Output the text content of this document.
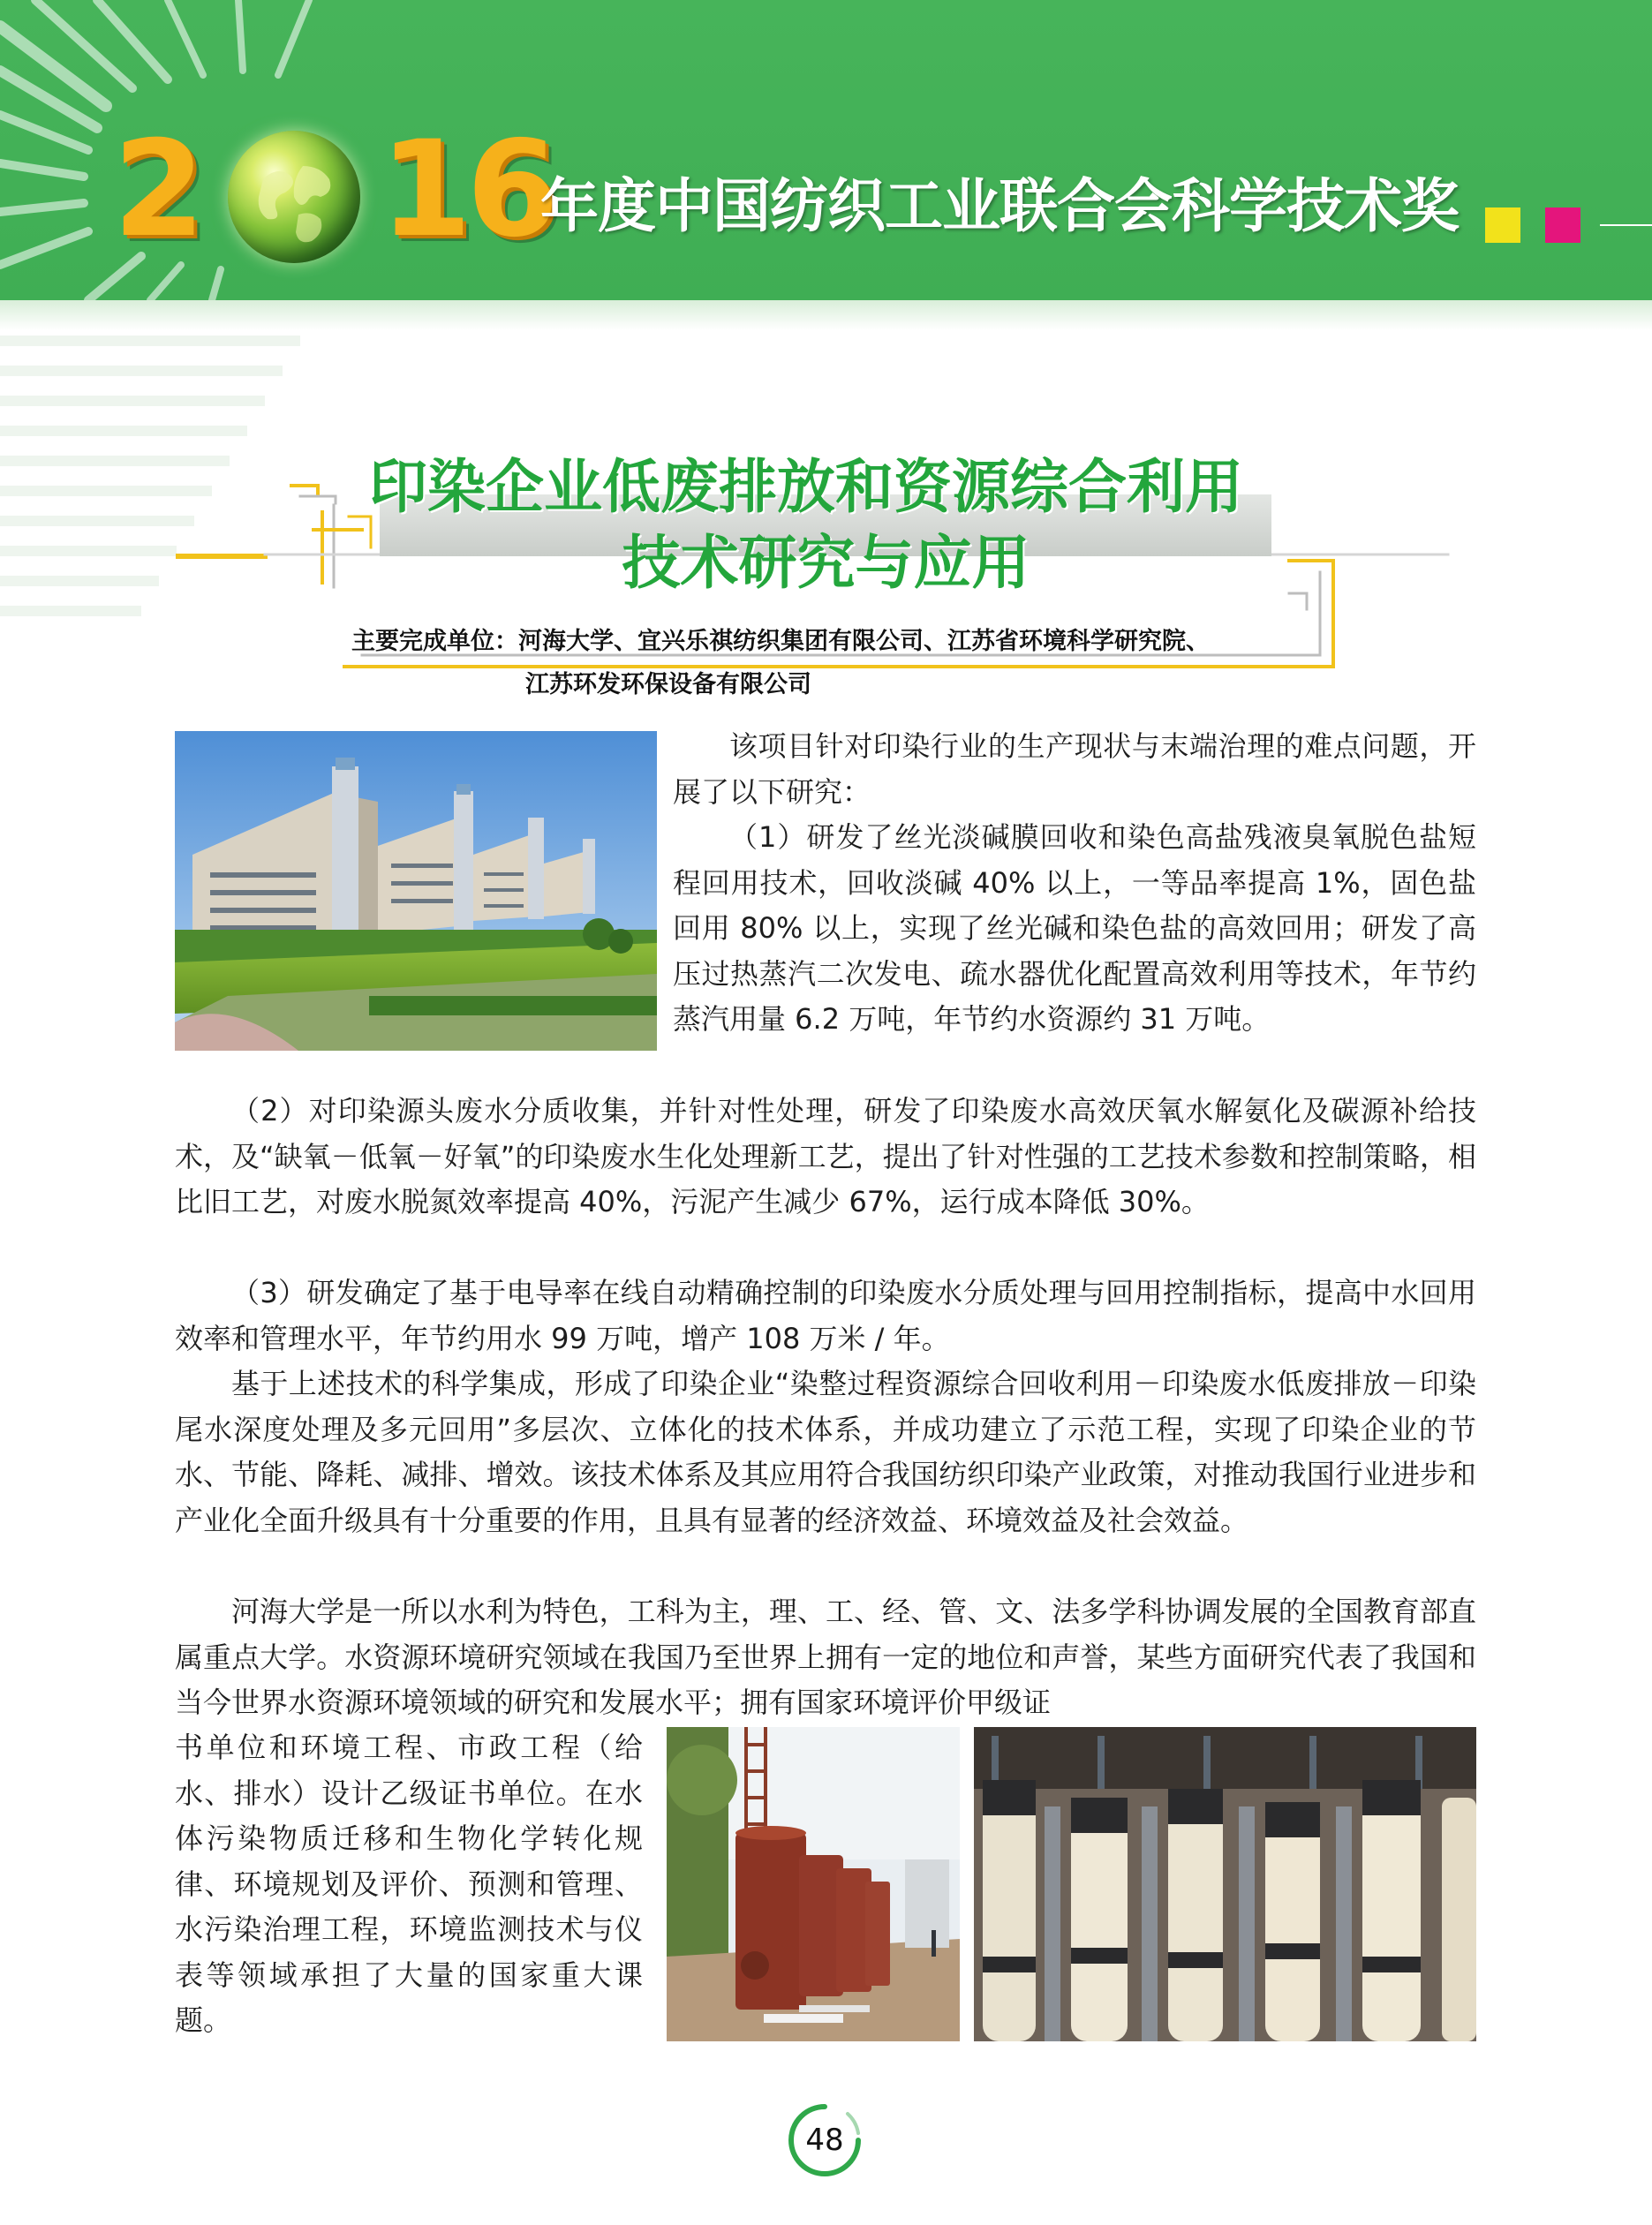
2 16
年度中国纺织工业联合会科学技术奖
印染企业低废排放和资源综合利用
技术研究与应用
主要完成单位：河海大学、宜兴乐祺纺织集团有限公司、江苏省环境科学研究院、
江苏环发环保设备有限公司

该项目针对印染行业的生产现状与末端治理的难点问题，开展了以下研究：

（1）研发了丝光淡碱膜回收和染色高盐残液臭氧脱色盐短程回用技术，回收淡碱 40% 以上，一等品率提高 1%，固色盐回用 80% 以上，实现了丝光碱和染色盐的高效回用；研发了高压过热蒸汽二次发电、疏水器优化配置高效利用等技术，年节约蒸汽用量 6.2 万吨，年节约水资源约 31 万吨。

（2）对印染源头废水分质收集，并针对性处理，研发了印染废水高效厌氧水解氨化及碳源补给技术，及“缺氧－低氧－好氧”的印染废水生化处理新工艺，提出了针对性强的工艺技术参数和控制策略，相比旧工艺，对废水脱氮效率提高 40%，污泥产生减少 67%，运行成本降低 30%。

（3）研发确定了基于电导率在线自动精确控制的印染废水分质处理与回用控制指标，提高中水回用效率和管理水平，年节约用水 99 万吨，增产 108 万米 / 年。

基于上述技术的科学集成，形成了印染企业“染整过程资源综合回收利用－印染废水低废排放－印染尾水深度处理及多元回用”多层次、立体化的技术体系，并成功建立了示范工程，实现了印染企业的节水、节能、降耗、减排、增效。该技术体系及其应用符合我国纺织印染产业政策，对推动我国行业进步和产业化全面升级具有十分重要的作用，且具有显著的经济效益、环境效益及社会效益。

河海大学是一所以水利为特色，工科为主，理、工、经、管、文、法多学科协调发展的全国教育部直属重点大学。水资源环境研究领域在我国乃至世界上拥有一定的地位和声誉，某些方面研究代表了我国和当今世界水资源环境领域的研究和发展水平；拥有国家环境评价甲级证

书单位和环境工程、市政工程（给水、排水）设计乙级证书单位。在水体污染物质迁移和生物化学转化规律、环境规划及评价、预测和管理、水污染治理工程，环境监测技术与仪表等领域承担了大量的国家重大课题。

48
